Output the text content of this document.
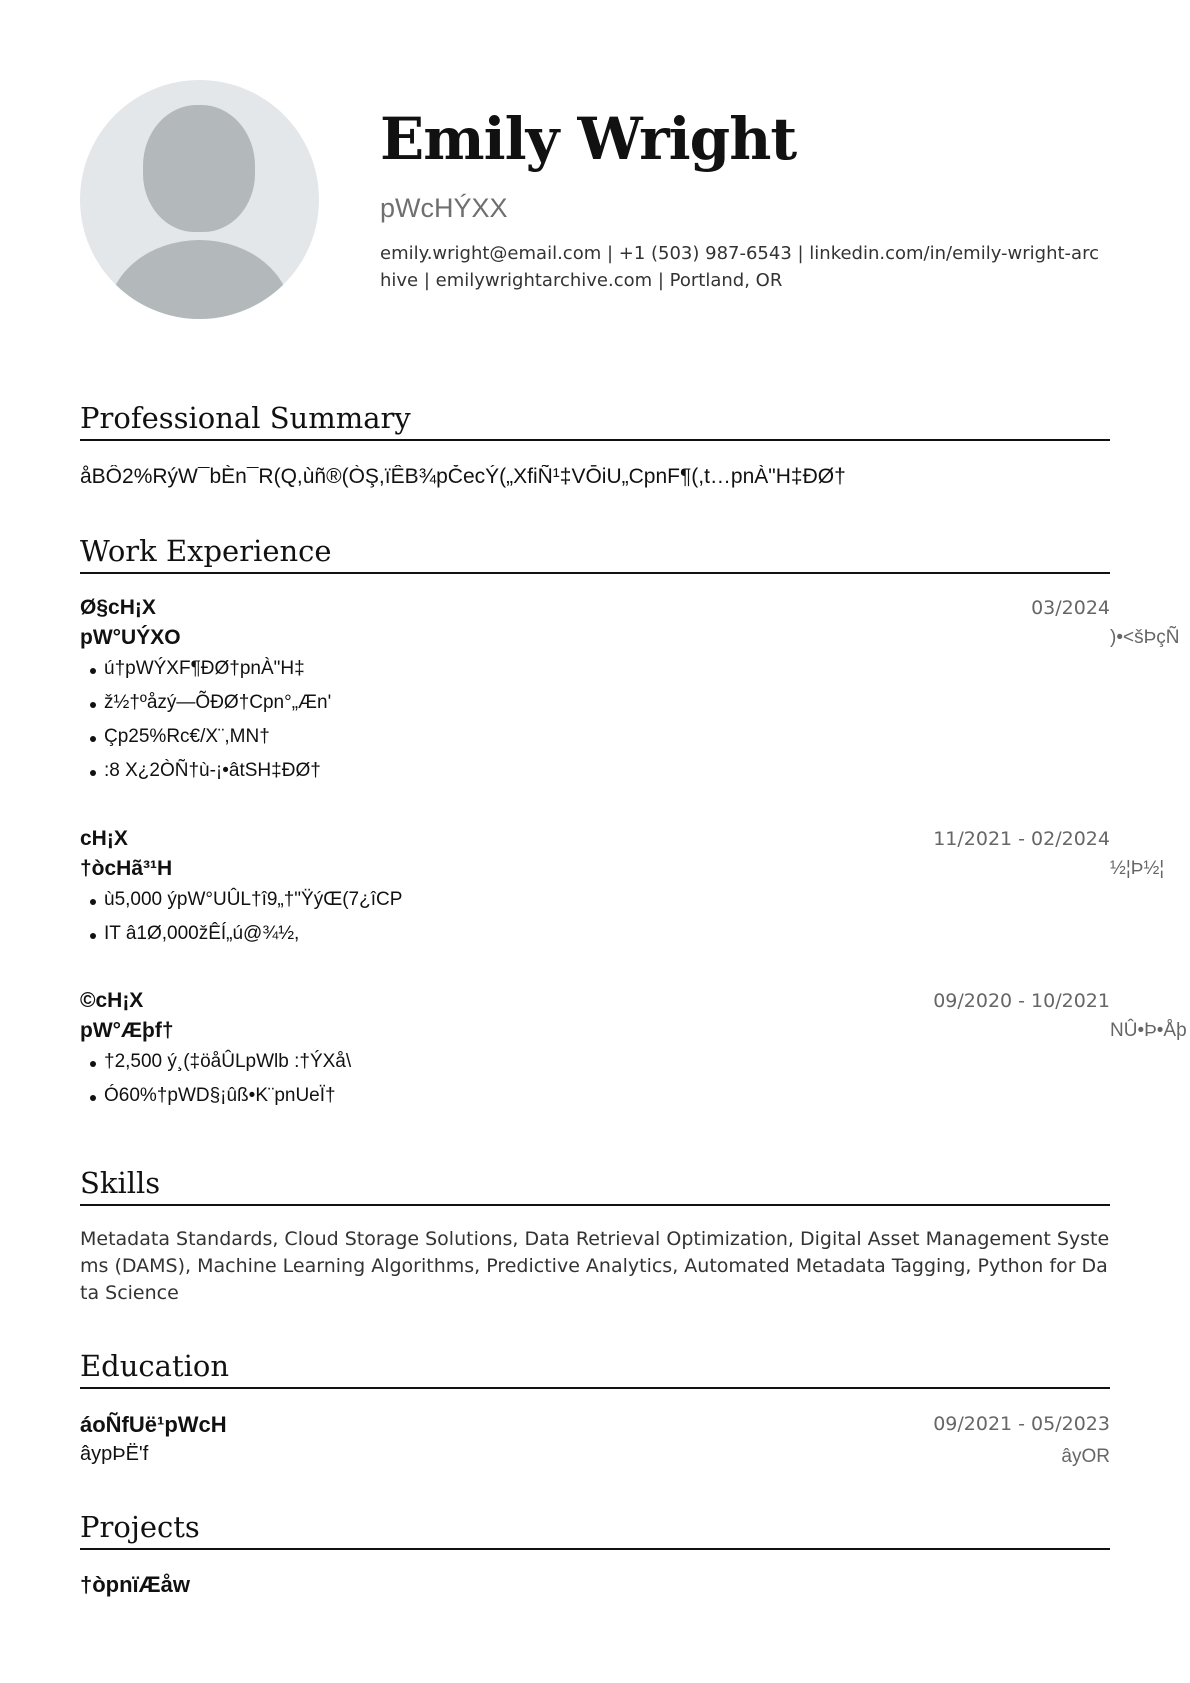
Emily Wright
pWcHÝXX
emily.wright@email.com | +1 (503) 987-6543 | linkedin.com/in/emily-wright-archive | emilywrightarchive.com | Portland, OR
Professional Summary
åBÔ2%RýW¯bÈn¯R(Q,ùñ®(ÒŞ,ïÊB¾pČecÝ(„XfiÑ¹‡VŌiU„CpnF¶(,t…pnÀ"H‡ÐØ†
Work Experience
Ø§cH¡X	03/2024
pW°UÝXO	)•<šÞçÑ
ú†pWÝXF¶ÐØ†pnÀ"H‡
ž½†ºåzý—ÕÐØ†Cpn°„Æn'
Çp25%Rc€/X¨,MN†
:8 X¿2ÒÑ†ù-¡•âtSH‡ÐØ†
cH¡X	11/2021 - 02/2024
†òcHã³¹H	½¦Þ½¦
ù5,000 ýpW°UÛL†î9„†"ŸýŒ(7¿îCP
IT â1Ø,000žÊÍ„ú@¾½,
©cH¡X	09/2020 - 10/2021
pW°Æþf†	NÛ•Þ•Åþ
†2,500 ý¸(‡öåÛLpWlb :†ÝXå\
Ó60%†pWD§¡ûß•K¨pnUeÏ†
Skills
Metadata Standards, Cloud Storage Solutions, Data Retrieval Optimization, Digital Asset Management Systems (DAMS), Machine Learning Algorithms, Predictive Analytics, Automated Metadata Tagging, Python for Data Science
Education
áoÑfUë¹pWcH	09/2021 - 05/2023
âypÞË'f	âyOR
Projects
†òpnïÆåw
